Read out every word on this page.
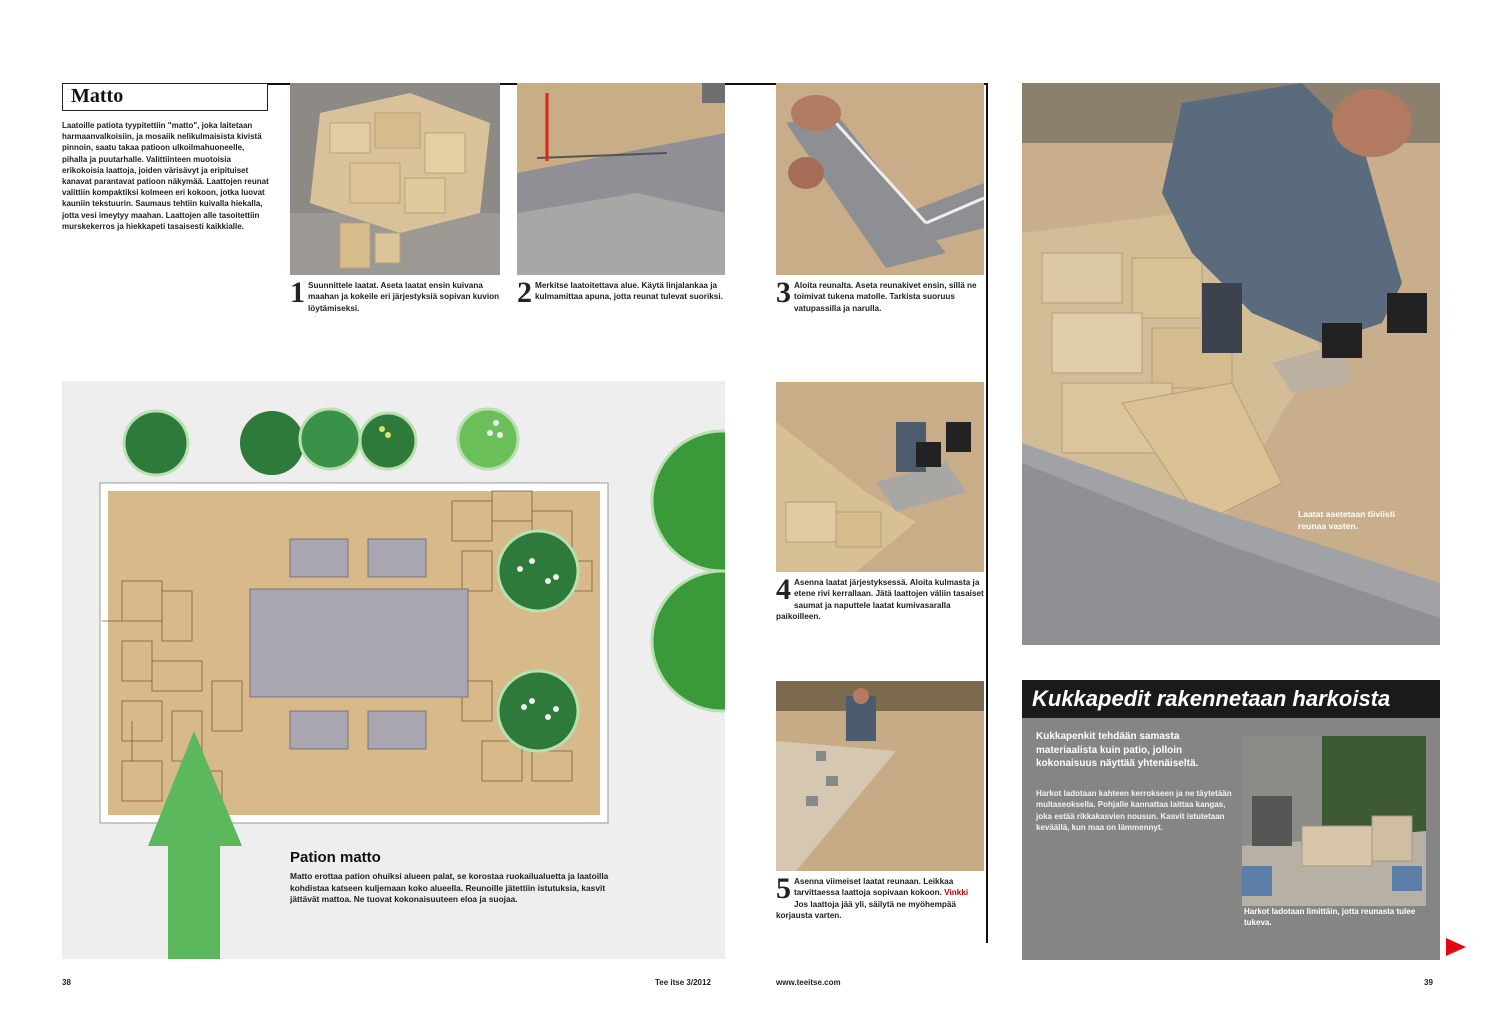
Matto
Laatoille patiota tyypitettiin "matto", joka laitetaan harmaanvalkoisiin, ja mosaiik nelikulmaisista kivistä pinnoin, saatu takaa patioon ulkoilmahuoneelle, pihalla ja puutarhalle. Valittiinteen muotoisia erikokoisia laattoja, joiden värisävyt ja eripituiset kanavat parantavat patioon näkymää. Laattojen reunat valittiin kompaktiksi kolmeen eri kokoon, jotka luovat kauniin tekstuurin. Saumaus tehtiin kuivalla hiekalla, jotta vesi imeytyy maahan. Laattojen alle tasoitettiin murskekerros ja hiekkapeti tasaisesti kaikkialle.
1 Suunnittele laatat. Aseta laatat ensin kuivana maahan ja kokeile eri järjestyksiä sopivan kuvion löytämiseksi.	2 Merkitse laatoitettava alue. Käytä linjalankaa ja kulmamittaa apuna, jotta reunat tulevat suoriksi. 3 Aloita reunalta. Aseta reunakivet ensin, sillä ne toimivat tukena matolle. Tarkista suoruus vatupassilla ja narulla.
4 Asenna laatat järjestyksessä. Aloita kulmasta ja etene rivi kerrallaan. Jätä laattojen väliin tasaiset saumat ja naputtele laatat kumivasaralla paikoilleen.
5 Asenna viimeiset laatat reunaan. Leikkaa tarvittaessa laattoja sopivaan kokoon. Vinkki Jos laattoja jää yli, säilytä ne myöhempää korjausta varten.
Laatat asetetaan tiiviisti reunaa vasten.
Pation matto
Matto erottaa pation ohuiksi alueen palat, se korostaa ruokailualuetta ja laatoilla kohdistaa katseen kuljemaan koko alueella. Reunoille jätettiin istutuksia, kasvit jättävät mattoa. Ne tuovat kokonaisuuteen eloa ja suojaa.
Kukkapedit rakennetaan harkoista
Kukkapenkit tehdään samasta materiaalista kuin patio, jolloin kokonaisuus näyttää yhtenäiseltä.
Harkot ladotaan kahteen kerrokseen ja ne täytetään multaseoksella. Pohjalle kannattaa laittaa kangas, joka estää rikkakasvien nousun. Kasvit istutetaan keväällä, kun maa on lämmennyt.
Harkot ladotaan limittäin, jotta reunasta tulee tukeva.
38	Tee itse 3/2012	www.teeitse.com	39
